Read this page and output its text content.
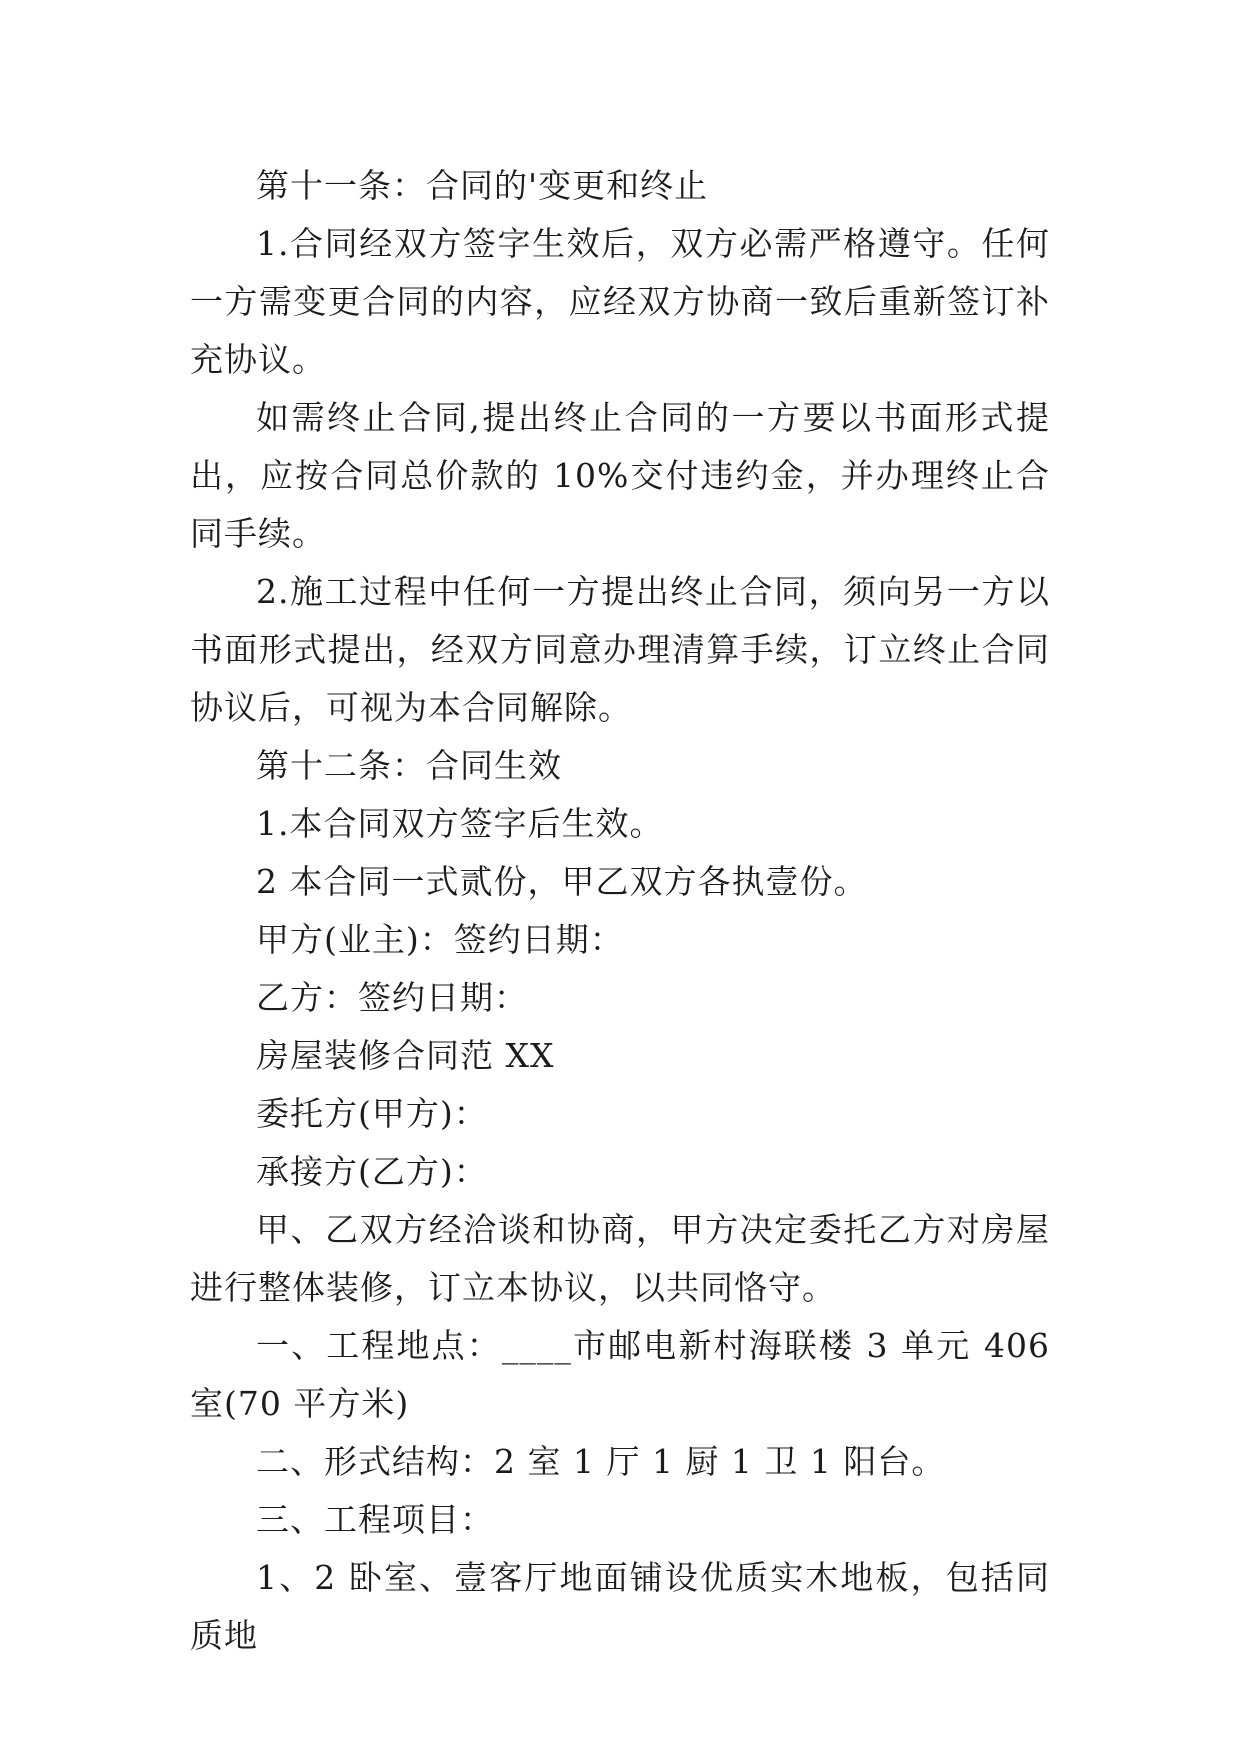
第十一条：合同的'变更和终止

1.合同经双方签字生效后，双方必需严格遵守。任何一方需变更合同的内容，应经双方协商一致后重新签订补充协议。

如需终止合同,提出终止合同的一方要以书面形式提出，应按合同总价款的 10%交付违约金，并办理终止合同手续。

2.施工过程中任何一方提出终止合同，须向另一方以书面形式提出，经双方同意办理清算手续，订立终止合同协议后，可视为本合同解除。

第十二条：合同生效

1.本合同双方签字后生效。

2 本合同一式贰份，甲乙双方各执壹份。

甲方(业主)：签约日期：

乙方：签约日期：

房屋装修合同范 XX

委托方(甲方)：

承接方(乙方)：

甲、乙双方经洽谈和协商，甲方决定委托乙方对房屋进行整体装修，订立本协议，以共同恪守。

一、工程地点：____市邮电新村海联楼 3 单元 406 室(70 平方米)

二、形式结构：2 室 1 厅 1 厨 1 卫 1 阳台。

三、工程项目：

1、2 卧室、壹客厅地面铺设优质实木地板，包括同质地
